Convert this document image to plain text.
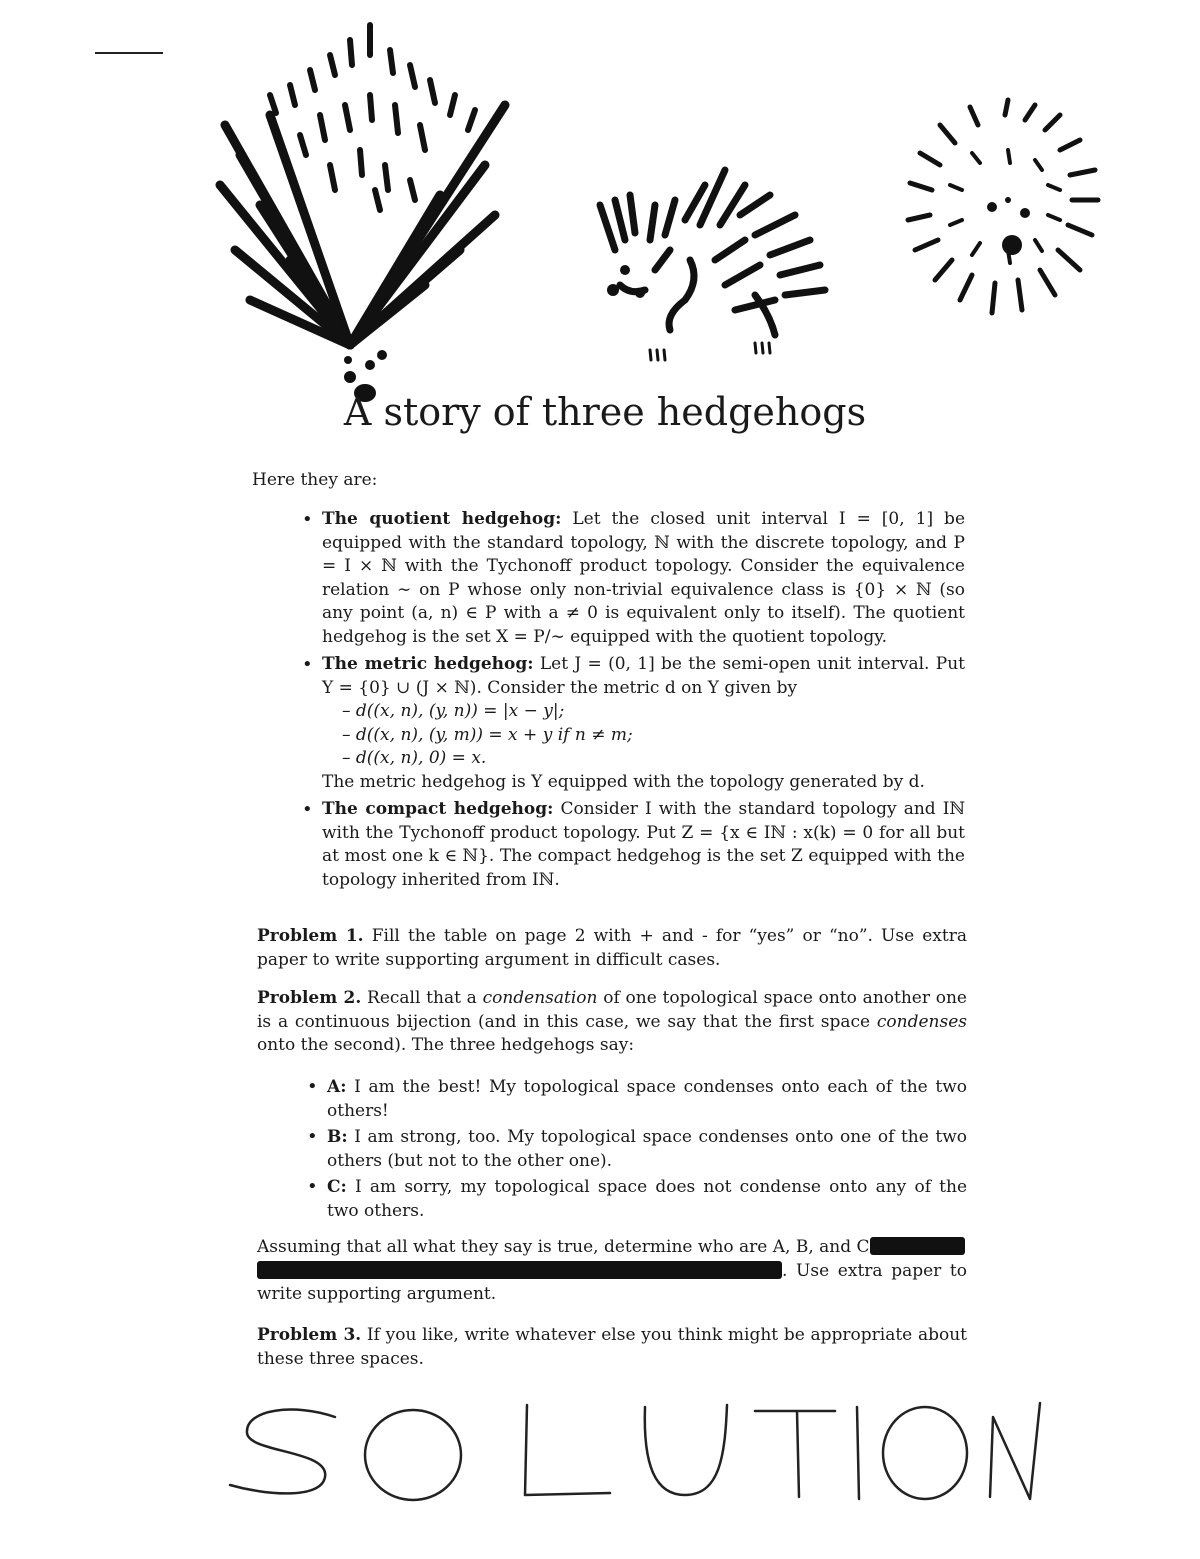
A story of three hedgehogs
Here they are:
• The quotient hedgehog: Let the closed unit interval I = [0, 1] be equipped with the standard topology, ℕ with the discrete topology, and P = I × ℕ with the Tychonoff product topology. Consider the equivalence relation ∼ on P whose only non-trivial equivalence class is {0} × ℕ (so any point (a, n) ∈ P with a ≠ 0 is equivalent only to itself). The quotient hedgehog is the set X = P/∼ equipped with the quotient topology.
• The metric hedgehog: Let J = (0, 1] be the semi-open unit interval. Put Y = {0} ∪ (J × ℕ). Consider the metric d on Y given by
– d((x, n), (y, n)) = |x − y|;
– d((x, n), (y, m)) = x + y if n ≠ m;
– d((x, n), 0) = x.
The metric hedgehog is Y equipped with the topology generated by d.
• The compact hedgehog: Consider I with the standard topology and Iℕ with the Tychonoff product topology. Put Z = {x ∈ Iℕ : x(k) = 0 for all but at most one k ∈ ℕ}. The compact hedgehog is the set Z equipped with the topology inherited from Iℕ.

Problem 1. Fill the table on page 2 with + and - for “yes” or “no”. Use extra paper to write supporting argument in difficult cases.

Problem 2. Recall that a condensation of one topological space onto another one is a continuous bijection (and in this case, we say that the first space condenses onto the second). The three hedgehogs say:

• A: I am the best! My topological space condenses onto each of the two others!
• B: I am strong, too. My topological space condenses onto one of the two others (but not to the other one).
• C: I am sorry, my topological space does not condense onto any of the two others.

Assuming that all what they say is true, determine who are A, B, and C
. Use extra paper to write supporting argument.

Problem 3. If you like, write whatever else you think might be appropriate about these three spaces.
